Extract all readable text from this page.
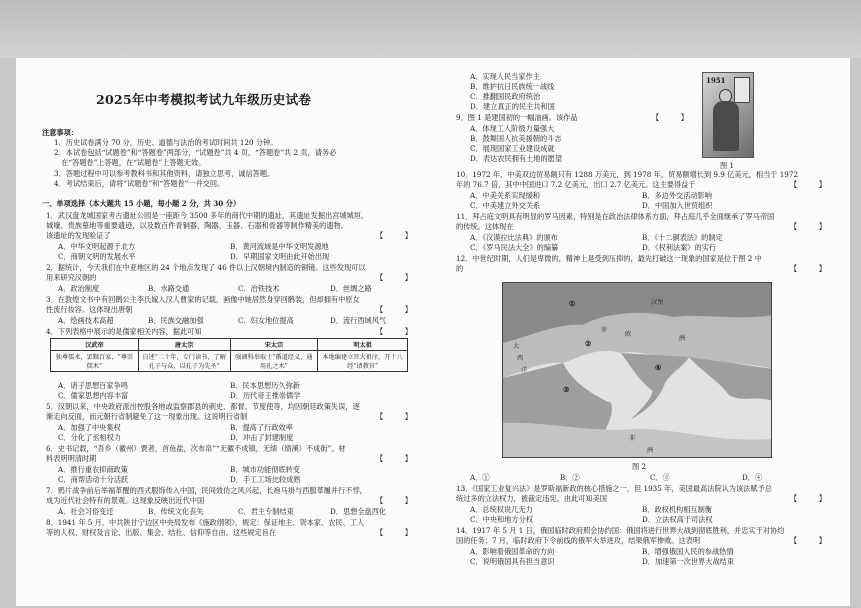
2025年中考模拟考试九年级历史试卷
注意事项：
1．历史试卷满分 70 分，历史、道德与法治的考试时间共 120 分钟。
2．本试卷包括“试题卷”和“答题卷”两部分，“试题卷”共 4 页，“答题卷”共 2 页，请务必
　在“答题卷”上答题，在“试题卷”上答题无效。
3．答题过程中可以参考教科书和其他资料，请独立思考，诚信答题。
4．考试结束后，请将“试题卷”和“答题卷”一并交回。
一、单项选择（本大题共 15 小题，每小题 2 分，共 30 分）
1．武汉盘龙城国家考古遗址公园是一座距今 3500 多年的商代中期的遗址，其遗址发掘出宫城城垣、
城壕、贵族墓地等重要遗迹，以及数百件青铜器、陶器、玉器、石器和骨器等制作精美的遗物。
该遗址的发现验证了	【　　　】
A．中华文明起源于北方	B．黄河流域是中华文明发源地
C．商朝文明的发展水平	D．早期国家文明由此开始出现
2．据统计，今天我们在中亚地区的 24 个地点发现了 46 件以上汉朝境内制造的铜镜。这些发现可以
用来研究汉朝的	【　　　】
A．政治制度	B．水路交通	C．冶铁技术	D．丝绸之路
3．在敦煌文书中有回鹘公主李氏嫁入汉人曹家的记载，画像中她居然身穿回鹘装，但却拥有中原女
性流行妆容。这体现出唐朝	【　　　】
A．绘画技术高超	B．民族交融加强	C．妇女地位提高	D．流行西域风气
4．下列表格中展示的是儒家相关内容，据此可知	【　　　】
汉武帝	唐太宗	宋太宗	明太祖
独尊儒术，罢黜百家，“尊崇儒术”	自述“二十年，专门读书，了解孔子与众，以孔子为先圣”	强调科举取士“循道经义，通用孔之术”	本地编建立晋大祖序，开十八经“请教官”
A．诸子思想百家争鸣	B．民本思想历久弥新
C．儒家思想内容丰富	D．历代帝王推崇儒学
5．汉朝以来，中央政府派出控股各地或监察郡县的刺史、都督、节度使等，均因朝廷政策失误，逐
渐走向反面，而元朝行省制避免了这一现象出现。这说明行省制	【　　　】
A．加强了中央集权	B．提高了行政效率
C．分化了丞相权力	D．冲击了封建制度
6．史书记载，“吾乡（徽州）贾者，首鱼盐，次布帛”“无徽不成镇，无绩（绩溪）不成街”。材
料表明明清时期	【　　　】
A．推行重农抑商政策	B．城市功能彻底转变
C．商帮活动十分活跃	D．手工工场比较成熟
7．鸦片战争前后举福革醒的西式服饰传入中国，民间效仿之风兴起，长袍马褂与西服革履并行不悖，
成为近代社会特有的景观。这现象反映出近代中国	【　　　】
A．社会习俗变迁	B．传统文化丧失	C．君主专制结束	D．思想全盘西化
8．1941 年 5 月，中共陕甘宁边区中央局发布《施政纲领》，规定：保证地主、资本家、农民、工人
等的人权、财权及言论、出版、集会、结社、信仰等自由。这些规定旨在	【　　　】
A．实现人民当家作主
B．维护抗日民族统一战线
C．推翻国民政府统治
D．建立真正的民主共和国
9．图 1 是建国初的一幅油画。该作品	【　　　】
A．体现工人阶级力量强大
B．鼓舞国人抗美援朝的斗志
C．展现国家工业建设成就
D．表达农民拥有土地的愿望
1951
图 1
10．1972 年，中美双边贸易额只有 1288 万美元，到 1978 年，贸易额增长到 9.9 亿美元，相当于 1972
年的 76.7 倍，其中中国进口 7.2 亿美元，出口 2.7 亿美元。这主要得益于	【　　　】
A．中美关系实现缓和	B．多边外交活动影响
C．中美建立外交关系	D．中国加入世贸组织
11．拜占庭文明具有明显的罗马因素，特别是在政治法律体系方面，拜占庭几乎全面继承了罗马帝国
的传统。这体现在	【　　　】
A．《汉谟拉比法典》的颁布	B．《十二铜表法》的制定
C．《罗马民法大全》的编纂	D．《权利法案》的实行
12．中世纪时期，人们是卑微的，精神上是受到压抑的，最先打破这一现象的国家是位于图 2 中
的	【　　　】
①
②
③
④
汉堡
罗
欧
洲
非
洲
大
西
洋
图 2
A．①	B．②	C．③	D．④
13．《国家工业复兴法》是罗斯福新政的核心措施之一，但 1935 年，美国最高法院认为该法赋予总
统过多的立法权力，被裁定违宪。由此可知美国	【　　　】
A．总统权说几无力	B．政权机构相互制衡
C．中央和地方分权	D．立法权高于司法权
14．1917 年 5 月 1 日，俄国临时政府照会协约国：俄国将进行世界大战到彻底胜利，并忠实于对协约
国的任务；7 月，临时政府下令前线的俄军大举进攻，结果俄军惨败。这表明	【　　　】
A．影响着俄国革命的方向	B．增强俄国人民的参战热情
C．说明俄国具有担当意识	D．加速第一次世界大战结束
